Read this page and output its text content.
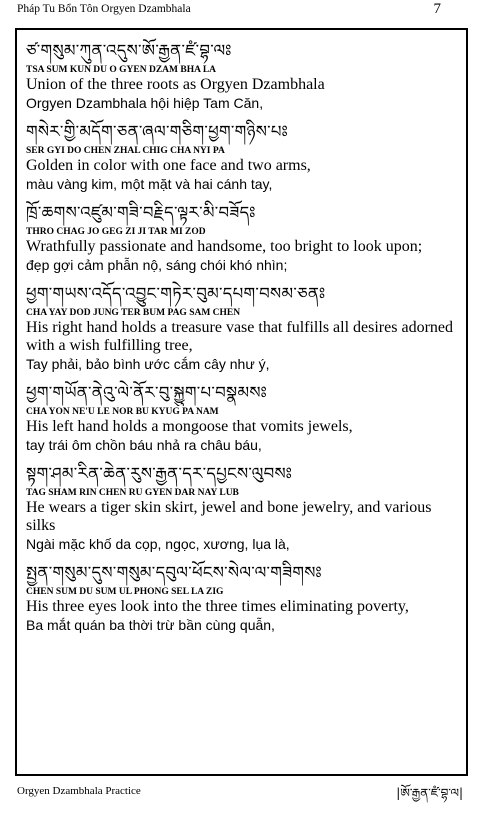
Pháp Tu Bổn Tôn Orgyen Dzambhala	7
ཙ་གསུམ་ཀུན་འདུས་ཨོ་རྒྱན་ཛཾ་བྷ་ལཿ
TSA SUM KUN DU O GYEN DZAM BHA LA
Union of the three roots as Orgyen Dzambhala
Orgyen Dzambhala hội hiệp Tam Căn,
གསེར་གྱི་མདོག་ཅན་ཞལ་གཅིག་ཕྱག་གཉིས་པཿ
SER GYI DO CHEN ZHAL CHIG CHA NYI PA
Golden in color with one face and two arms,
màu vàng kim, một mặt và hai cánh tay,
ཁྲོ་ཆགས་འཛུམ་གཟི་བརྗིད་ལྟར་མི་བཟོདཿ
THRO CHAG JO GEG ZI JI TAR MI ZOD
Wrathfully passionate and handsome, too bright to look upon;
đẹp gợi cảm phẫn nộ, sáng chói khó nhìn;
ཕྱག་གཡས་འདོད་འབྱུང་གཏེར་བུམ་དཔག་བསམ་ཅནཿ
CHA YAY DOD JUNG TER BUM PAG SAM CHEN
His right hand holds a treasure vase that fulfills all desires adorned with a wish fulfilling tree,
Tay phải, bảo bình ước cắm cây như ý,
ཕྱག་གཡོན་ནེའུ་ལེ་ནོར་བུ་སྐྱུག་པ་བསྣམསཿ
CHA YON NE'U LE NOR BU KYUG PA NAM
His left hand holds a mongoose that vomits jewels,
tay trái ôm chồn báu nhả ra châu báu,
སྟག་ཤམ་རིན་ཆེན་རུས་རྒྱན་དར་དཔྱངས་ལུབསཿ
TAG SHAM RIN CHEN RU GYEN DAR NAY LUB
He wears a tiger skin skirt, jewel and bone jewelry, and various silks
Ngài mặc khố da cọp, ngọc, xương, lụa là,
སྤྱན་གསུམ་དུས་གསུམ་དབུལ་ཕོངས་སེལ་ལ་གཟིགསཿ
CHEN SUM DU SUM UL PHONG SEL LA ZIG
His three eyes look into the three times eliminating poverty,
Ba mắt quán ba thời trừ bần cùng quẫn,
Orgyen Dzambhala Practice	|ཨོ་རྒྱན་ཛཾ་བྷ་ལ|
